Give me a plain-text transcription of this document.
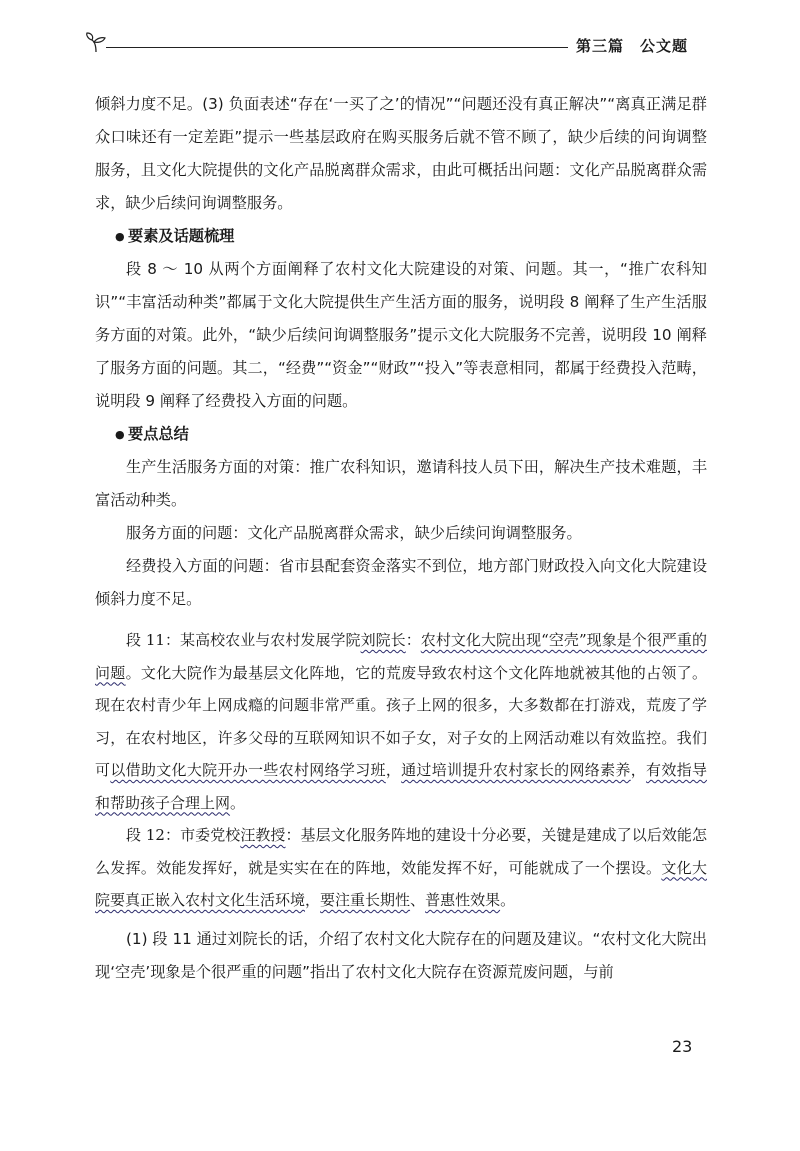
第三篇　公文题

倾斜力度不足。(3) 负面表述“存在‘一买了之’的情况”“问题还没有真正解决”“离真正满足群众口味还有一定差距”提示一些基层政府在购买服务后就不管不顾了，缺少后续的问询调整服务，且文化大院提供的文化产品脱离群众需求，由此可概括出问题：文化产品脱离群众需求，缺少后续问询调整服务。

● 要素及话题梳理

段 8 ～ 10 从两个方面阐释了农村文化大院建设的对策、问题。其一，“推广农科知识”“丰富活动种类”都属于文化大院提供生产生活方面的服务，说明段 8 阐释了生产生活服务方面的对策。此外，“缺少后续问询调整服务”提示文化大院服务不完善，说明段 10 阐释了服务方面的问题。其二，“经费”“资金”“财政”“投入”等表意相同，都属于经费投入范畴，说明段 9 阐释了经费投入方面的问题。

● 要点总结

生产生活服务方面的对策：推广农科知识，邀请科技人员下田，解决生产技术难题，丰富活动种类。

服务方面的问题：文化产品脱离群众需求，缺少后续问询调整服务。

经费投入方面的问题：省市县配套资金落实不到位，地方部门财政投入向文化大院建设倾斜力度不足。

段 11：某高校农业与农村发展学院刘院长：农村文化大院出现“空壳”现象是个很严重的问题。文化大院作为最基层文化阵地，它的荒废导致农村这个文化阵地就被其他的占领了。现在农村青少年上网成瘾的问题非常严重。孩子上网的很多，大多数都在打游戏，荒废了学习，在农村地区，许多父母的互联网知识不如子女，对子女的上网活动难以有效监控。我们可以借助文化大院开办一些农村网络学习班，通过培训提升农村家长的网络素养，有效指导和帮助孩子合理上网。

段 12：市委党校汪教授：基层文化服务阵地的建设十分必要，关键是建成了以后效能怎么发挥。效能发挥好，就是实实在在的阵地，效能发挥不好，可能就成了一个摆设。文化大院要真正嵌入农村文化生活环境，要注重长期性、普惠性效果。

(1) 段 11 通过刘院长的话，介绍了农村文化大院存在的问题及建议。“农村文化大院出现‘空壳’现象是个很严重的问题”指出了农村文化大院存在资源荒废问题，与前

23
